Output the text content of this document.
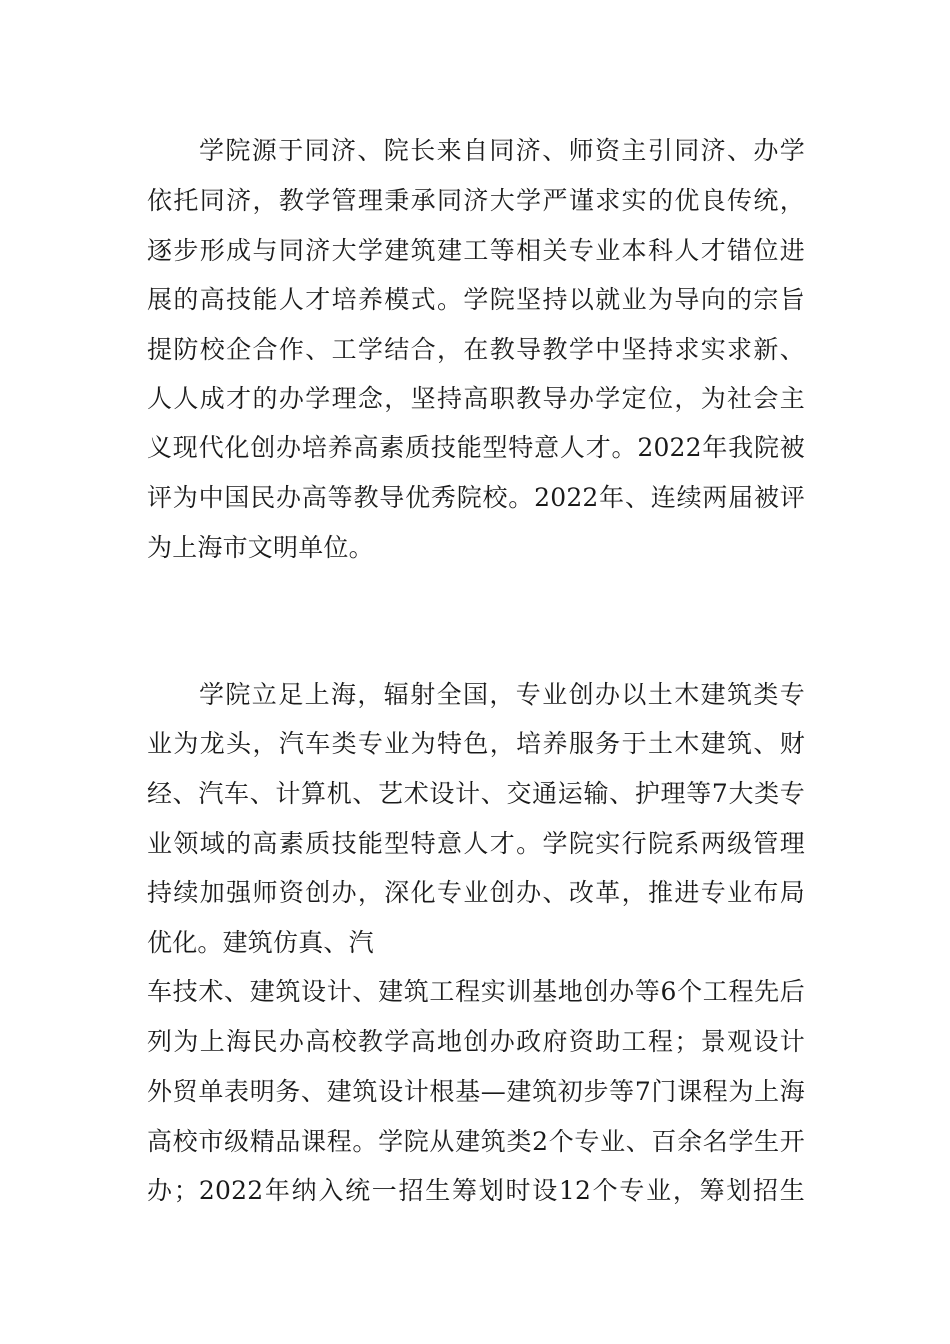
学院源于同济、院长来自同济、师资主引同济、办学
依托同济，教学管理秉承同济大学严谨求实的优良传统，
逐步形成与同济大学建筑建工等相关专业本科人才错位进
展的高技能人才培养模式。学院坚持以就业为导向的宗旨
提防校企合作、工学结合，在教导教学中坚持求实求新、
人人成才的办学理念，坚持高职教导办学定位，为社会主
义现代化创办培养高素质技能型特意人才。2022年我院被
评为中国民办高等教导优秀院校。2022年、连续两届被评
为上海市文明单位。
学院立足上海，辐射全国，专业创办以土木建筑类专
业为龙头，汽车类专业为特色，培养服务于土木建筑、财
经、汽车、计算机、艺术设计、交通运输、护理等7大类专
业领域的高素质技能型特意人才。学院实行院系两级管理
持续加强师资创办，深化专业创办、改革，推进专业布局
优化。建筑仿真、汽
车技术、建筑设计、建筑工程实训基地创办等6个工程先后
列为上海民办高校教学高地创办政府资助工程；景观设计
外贸单表明务、建筑设计根基—建筑初步等7门课程为上海
高校市级精品课程。学院从建筑类2个专业、百余名学生开
办；2022年纳入统一招生筹划时设12个专业，筹划招生
